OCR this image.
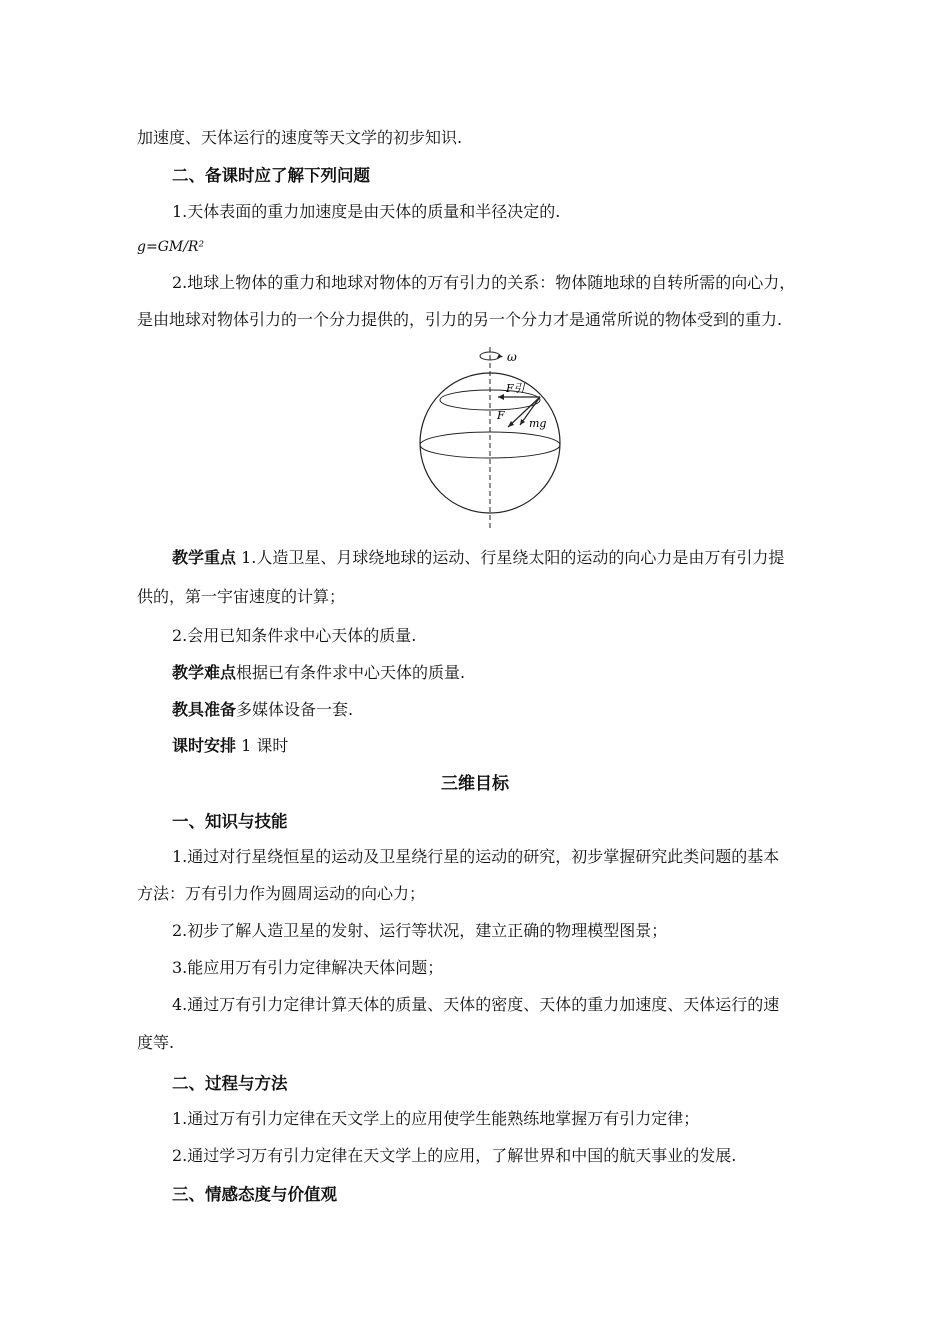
加速度、天体运行的速度等天文学的初步知识.
二、备课时应了解下列问题
1.天体表面的重力加速度是由天体的质量和半径决定的.
g=GM/R²
2.地球上物体的重力和地球对物体的万有引力的关系：物体随地球的自转所需的向心力，
是由地球对物体引力的一个分力提供的，引力的另一个分力才是通常所说的物体受到的重力.
ω
F引
F
mg
教学重点 1.人造卫星、月球绕地球的运动、行星绕太阳的运动的向心力是由万有引力提
供的，第一宇宙速度的计算；
2.会用已知条件求中心天体的质量.
教学难点根据已有条件求中心天体的质量.
教具准备多媒体设备一套.
课时安排 1 课时
三维目标
一、知识与技能
1.通过对行星绕恒星的运动及卫星绕行星的运动的研究，初步掌握研究此类问题的基本
方法：万有引力作为圆周运动的向心力；
2.初步了解人造卫星的发射、运行等状况，建立正确的物理模型图景；
3.能应用万有引力定律解决天体问题；
4.通过万有引力定律计算天体的质量、天体的密度、天体的重力加速度、天体运行的速
度等.
二、过程与方法
1.通过万有引力定律在天文学上的应用使学生能熟练地掌握万有引力定律；
2.通过学习万有引力定律在天文学上的应用，了解世界和中国的航天事业的发展.
三、情感态度与价值观
